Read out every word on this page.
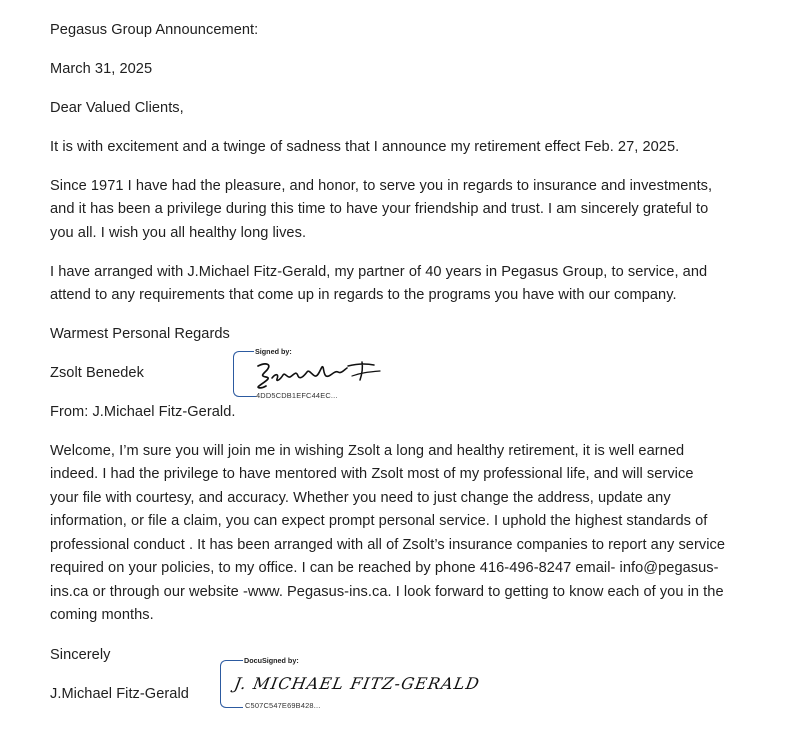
Pegasus Group Announcement:

March 31, 2025

Dear Valued Clients,

It is with excitement and a twinge of sadness that I announce my retirement effect Feb. 27, 2025.

Since 1971 I have had the pleasure, and honor, to serve you in regards to insurance and investments,

and it has been a privilege during this time to have your friendship and trust. I am sincerely grateful to

you all. I wish you all healthy long lives.

I have arranged with J.Michael Fitz-Gerald, my partner of 40 years in Pegasus Group, to service, and

attend to any requirements that come up in regards to the programs you have with our company.

Warmest Personal Regards

Zsolt Benedek

Signed by:
4DD5CDB1EFC44EC...

From: J.Michael Fitz-Gerald.

Welcome, I’m sure you will join me in wishing Zsolt a long and healthy retirement, it is well earned

indeed. I had the privilege to have mentored with Zsolt most of my professional life, and will service

your file with courtesy, and accuracy. Whether you need to just change the address, update any

information, or file a claim, you can expect prompt personal service. I uphold the highest standards of

professional conduct . It has been arranged with all of Zsolt’s insurance companies to report any service

required on your policies, to my office. I can be reached by phone 416-496-8247 email- info@pegasus-

ins.ca or through our website -www. Pegasus-ins.ca. I look forward to getting to know each of you in the

coming months.

Sincerely

J.Michael Fitz-Gerald

DocuSigned by:
J. MICHAEL FITZ-GERALD
C507C547E69B428...
